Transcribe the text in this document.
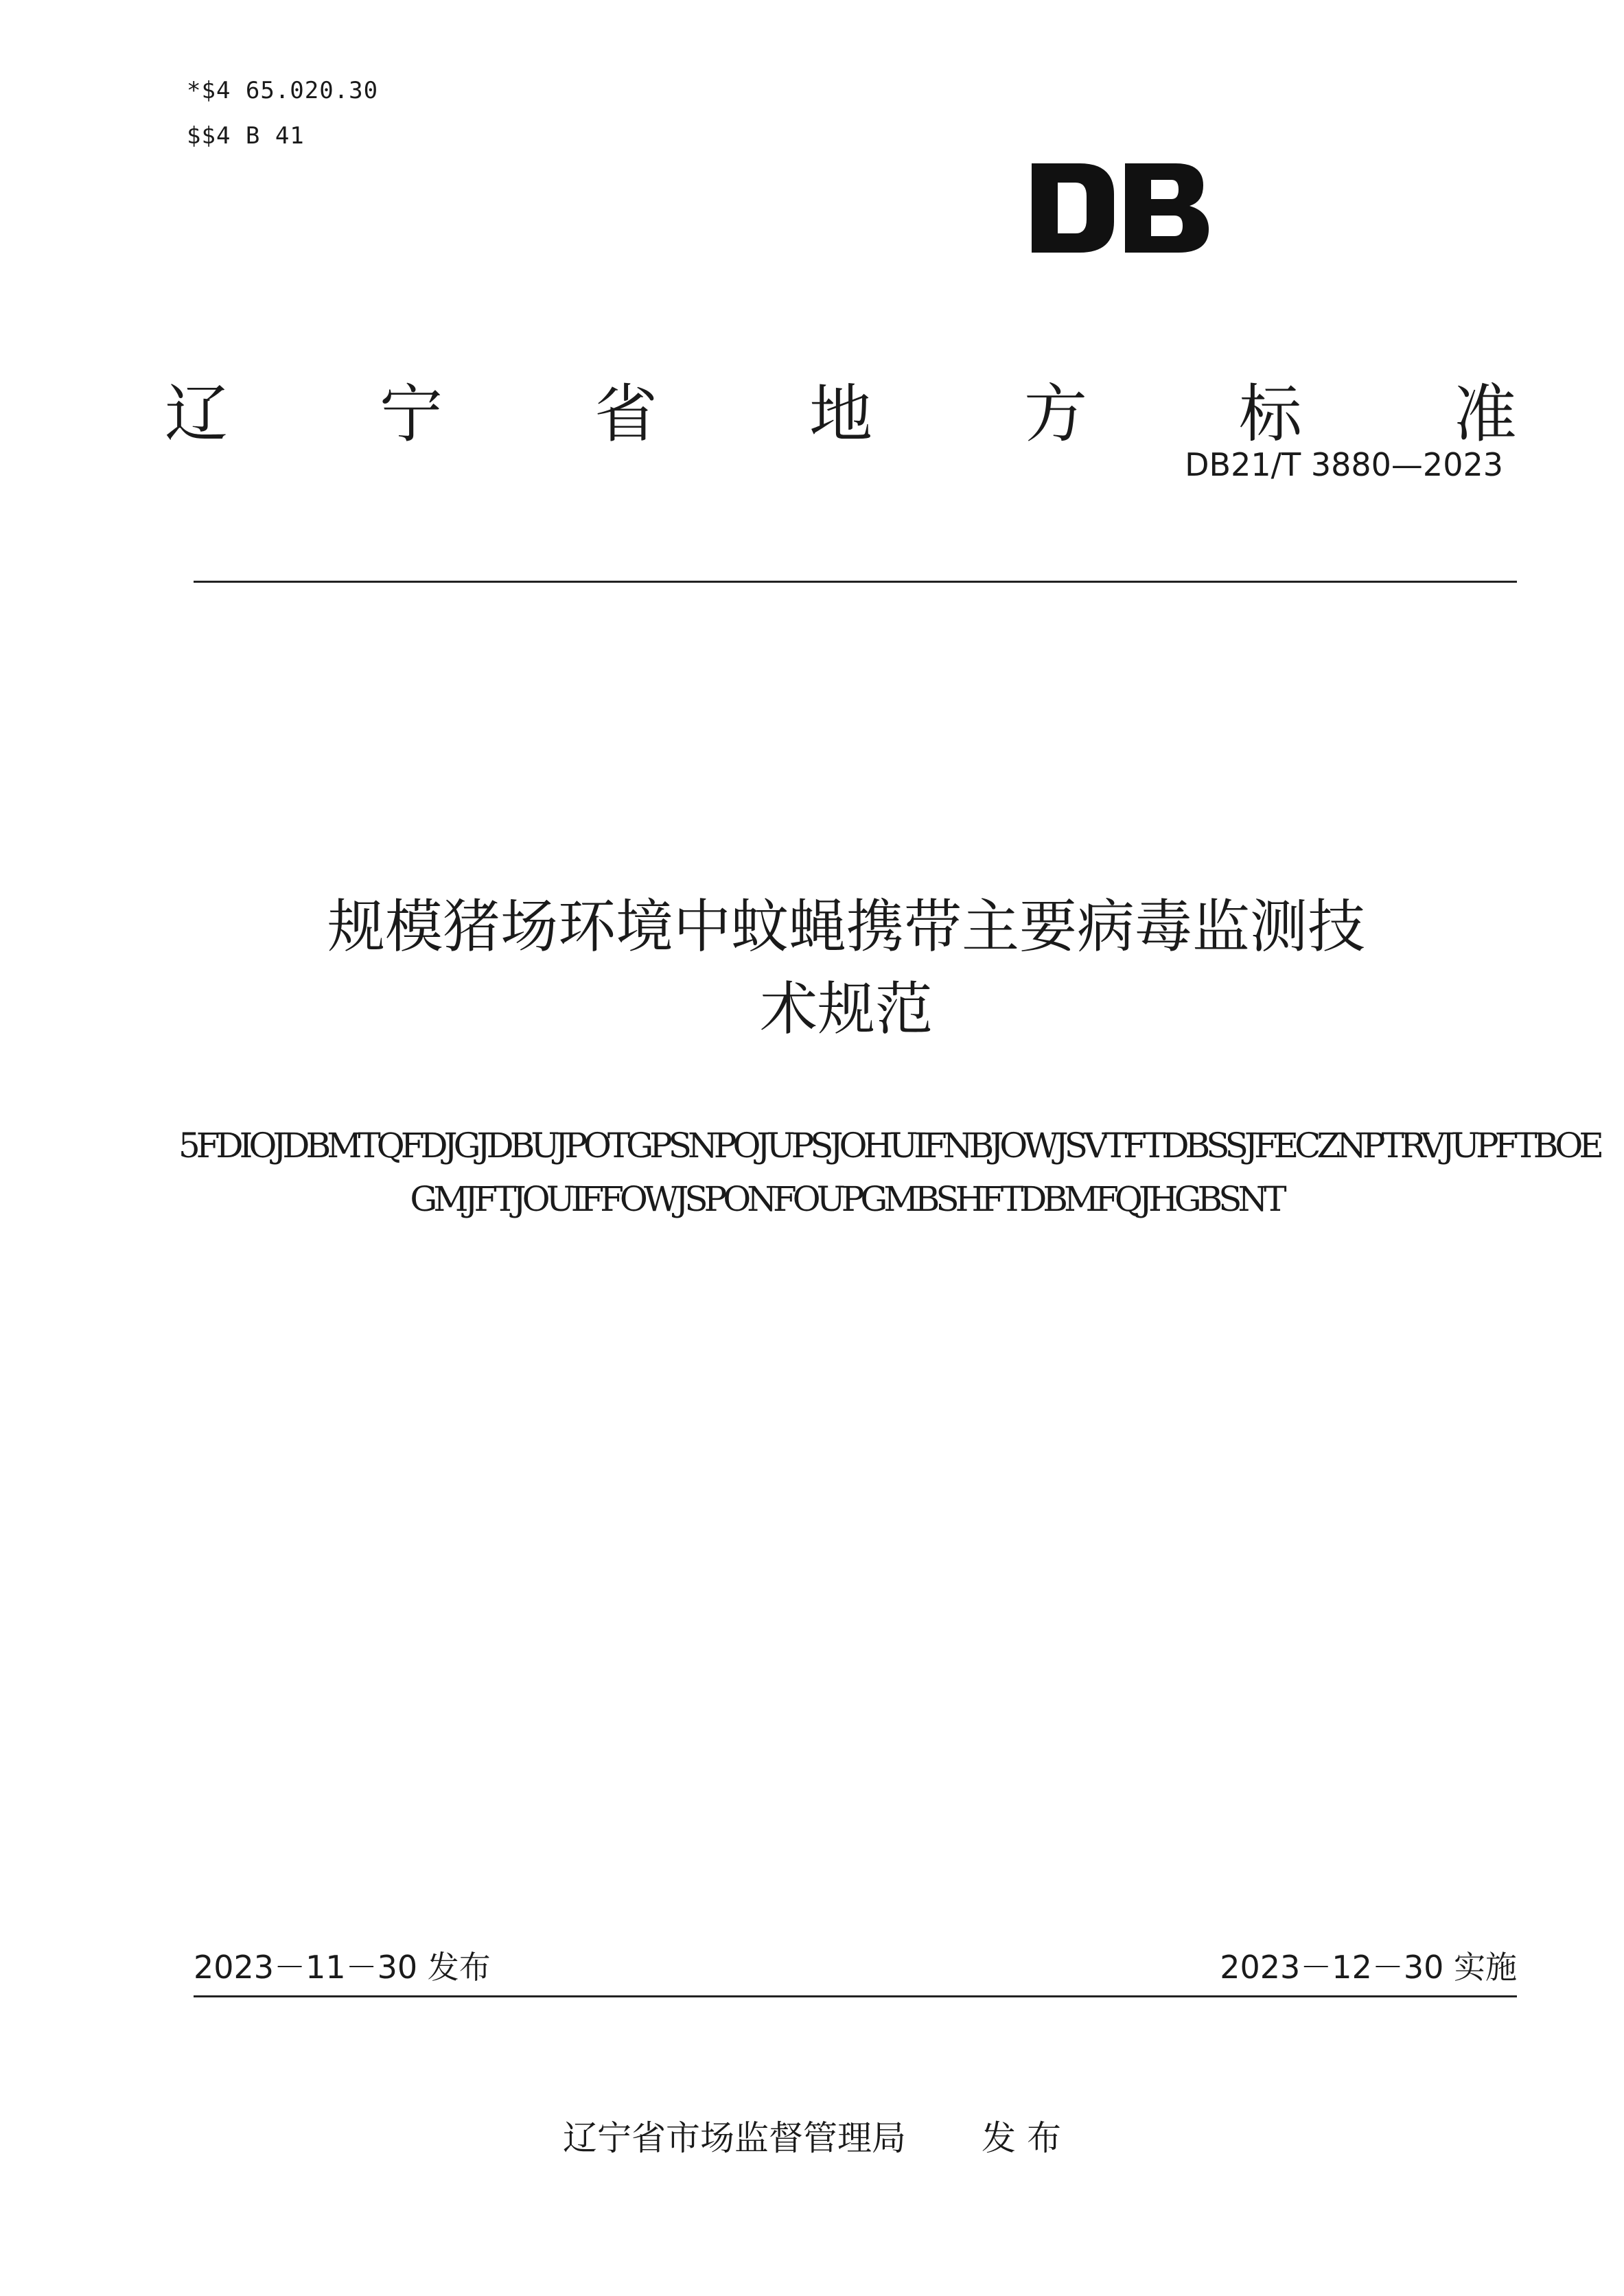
*$4 65.020.30
$$4 B 41
辽 宁 省 地 方 标 准
DB21/T 3880—2023
规模猪场环境中蚊蝇携带主要病毒监测技
术规范
5FDIOJDBMTQFDJGJDBUJPOTGPSNPOJUPSJOHUIFNBJOWJSVTFTDBSSJFECZNPTRVJUPFTBOE
GMJFTJOUIFFOWJSPONFOUPGMBSHFTDBMFQJHGBSNT
2023－11－30 发布	2023－12－30 实施
辽宁省市场监督管理局 发 布
